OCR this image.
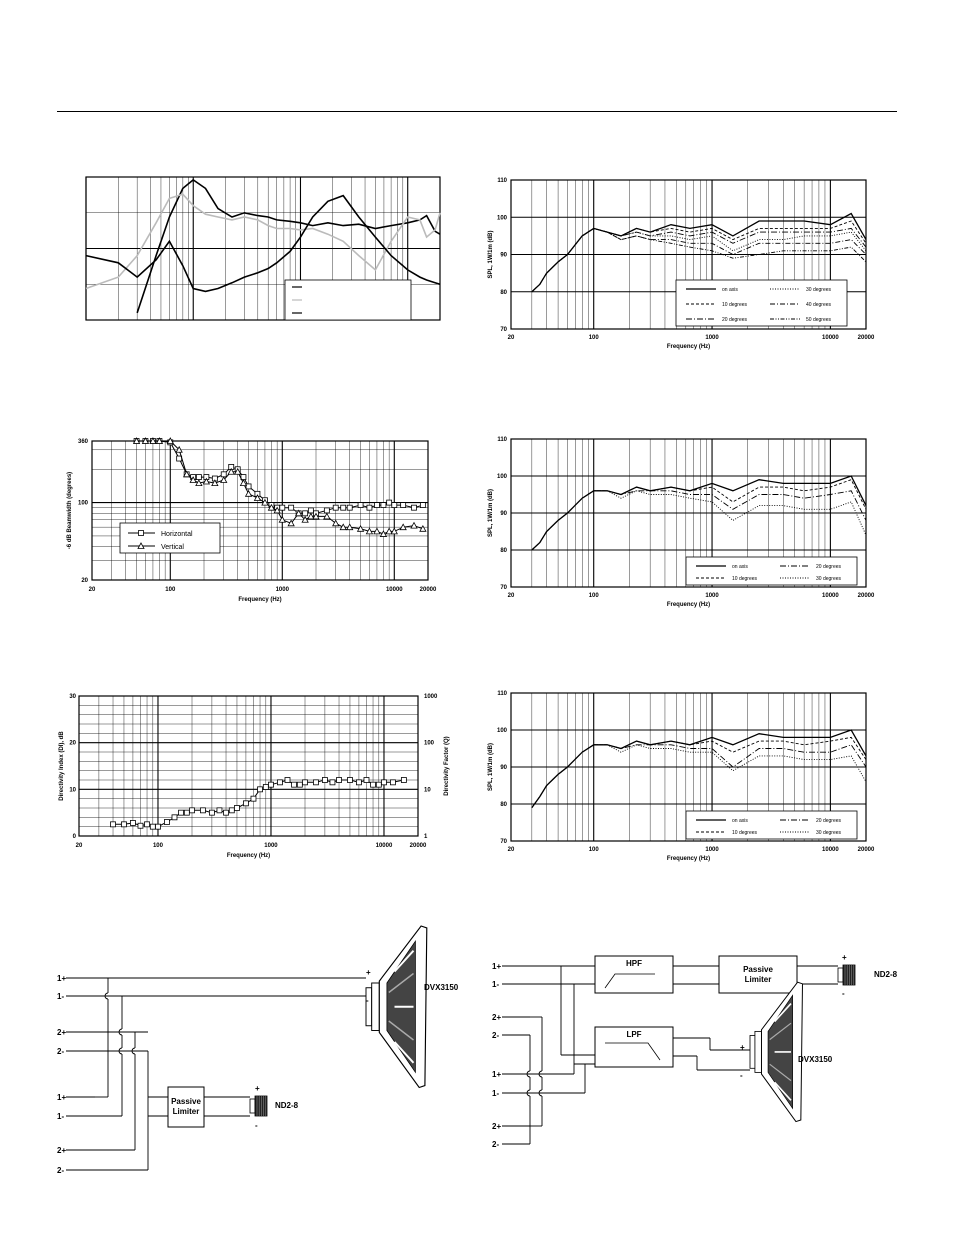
70
80
90
100
110
20	100	1000	10000	20000
Frequency (Hz)
SPL, 1W/1m (dB)
on axis	30 degrees
10 degrees	40 degrees
20 degrees	50 degrees
70
80
90
100
110
20	100	1000	10000	20000
Frequency (Hz)
SPL, 1W/1m (dB)
on axis	20 degrees
10 degrees	30 degrees
70
80
90
100
110
20	100	1000	10000	20000
Frequency (Hz)
SPL, 1W/1m (dB)
on axis	20 degrees
10 degrees	30 degrees
20
100
360
20	100	1000	10000	20000
Frequency (Hz)
-6 dB Beamwidth (degrees)	Horizontal
Vertical
0
10
20
30
1
10
100
1000
20	100	1000	10000	20000
Frequency (Hz)
Directivity Index (DI), dB	Directivity Factor (Q)
1+
1-
2+
2-
1+
1-
2+
2-
Passive
Limiter
+
-
ND2-8
+
-
DVX3150
1+
1-
2+
2-
1+
1-
2+
2-
HPF
Passive
Limiter
+
-
ND2-8
LPF
+
-
DVX3150
